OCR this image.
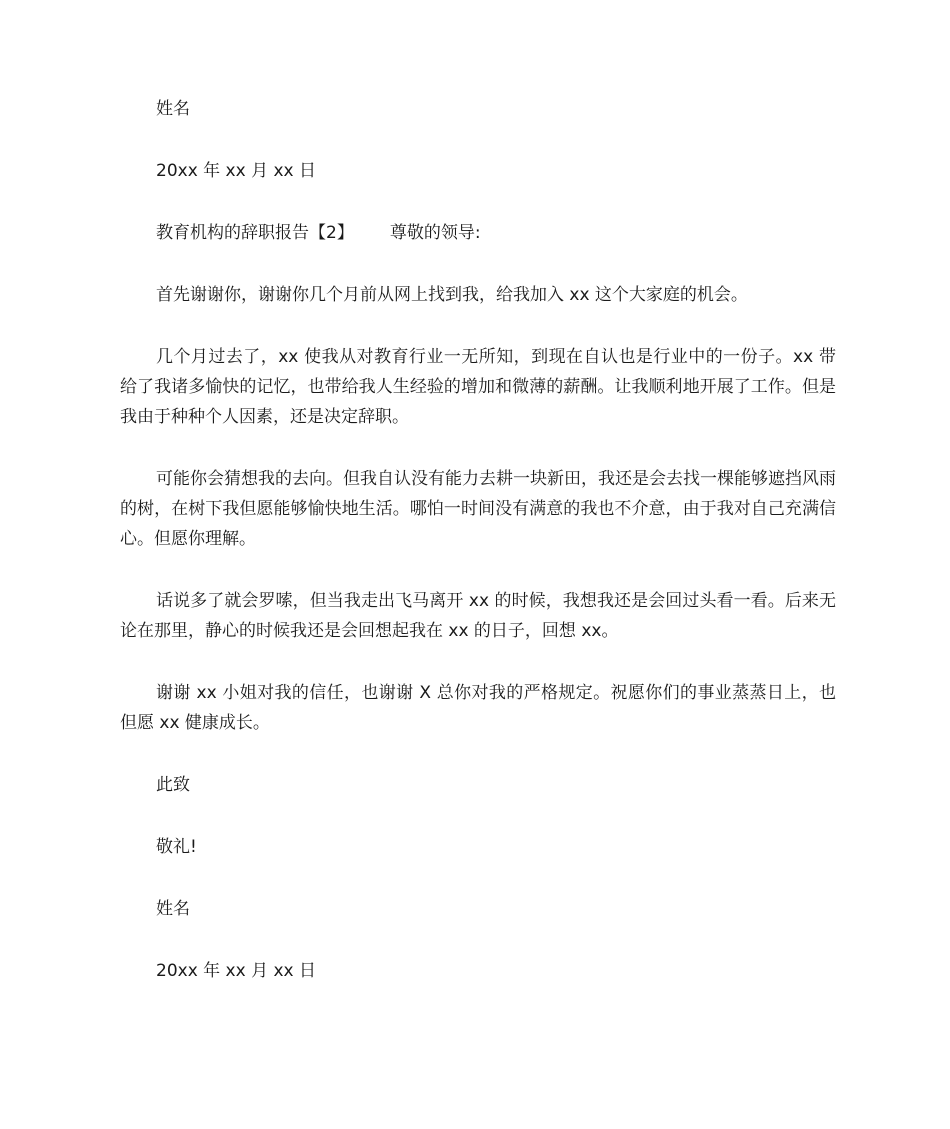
姓名

20xx 年 xx 月 xx 日

教育机构的辞职报告【2】 尊敬的领导:

首先谢谢你，谢谢你几个月前从网上找到我，给我加入 xx 这个大家庭的机会。

几个月过去了，xx 使我从对教育行业一无所知，到现在自认也是行业中的一份子。xx 带给了我诸多愉快的记忆，也带给我人生经验的增加和微薄的薪酬。让我顺利地开展了工作。但是我由于种种个人因素，还是决定辞职。

可能你会猜想我的去向。但我自认没有能力去耕一块新田，我还是会去找一棵能够遮挡风雨的树，在树下我但愿能够愉快地生活。哪怕一时间没有满意的我也不介意，由于我对自己充满信心。但愿你理解。

话说多了就会罗嗦，但当我走出飞马离开 xx 的时候，我想我还是会回过头看一看。后来无论在那里，静心的时候我还是会回想起我在 xx 的日子，回想 xx。

谢谢 xx 小姐对我的信任，也谢谢 X 总你对我的严格规定。祝愿你们的事业蒸蒸日上，也但愿 xx 健康成长。

此致

敬礼!

姓名

20xx 年 xx 月 xx 日
